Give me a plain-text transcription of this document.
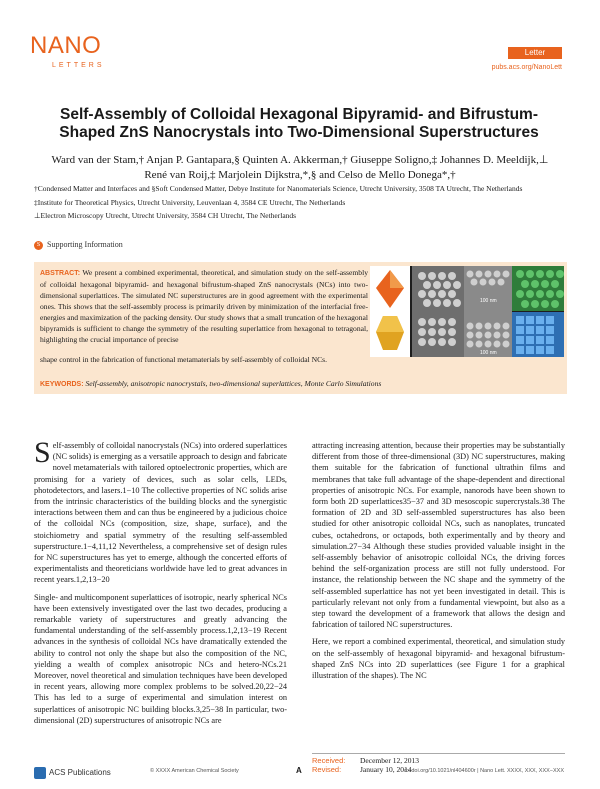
NANO
LETTERS
Letter
pubs.acs.org/NanoLett
Self-Assembly of Colloidal Hexagonal Bipyramid- and Bifrustum-Shaped ZnS Nanocrystals into Two-Dimensional Superstructures
Ward van der Stam,† Anjan P. Gantapara,§ Quinten A. Akkerman,† Giuseppe Soligno,‡ Johannes D. Meeldijk,⊥ René van Roij,‡ Marjolein Dijkstra,*,§ and Celso de Mello Donega*,†
†Condensed Matter and Interfaces and §Soft Condensed Matter, Debye Institute for Nanomaterials Science, Utrecht University, 3508 TA Utrecht, The Netherlands
‡Institute for Theoretical Physics, Utrecht University, Leuvenlaan 4, 3584 CE Utrecht, The Netherlands
⊥Electron Microscopy Utrecht, Utrecht University, 3584 CH Utrecht, The Netherlands
S Supporting Information
ABSTRACT: We present a combined experimental, theoretical, and simulation study on the self-assembly of colloidal hexagonal bipyramid- and hexagonal bifrustum-shaped ZnS nanocrystals (NCs) into two-dimensional superlattices. The simulated NC superstructures are in good agreement with the experimental ones. This shows that the self-assembly process is primarily driven by minimization of the interfacial free-energies and maximization of the packing density. Our study shows that a small truncation of the hexagonal bipyramids is sufficient to change the symmetry of the resulting superlattice from hexagonal to tetragonal, highlighting the crucial importance of precise
shape control in the fabrication of functional metamaterials by self-assembly of colloidal NCs.
KEYWORDS: Self-assembly, anisotropic nanocrystals, two-dimensional superlattices, Monte Carlo Simulations
100 nm
100 nm

Self-assembly of colloidal nanocrystals (NCs) into ordered superlattices (NC solids) is emerging as a versatile approach to design and fabricate novel metamaterials with tailored optoelectronic properties, which are promising for a variety of devices, such as solar cells, LEDs, photodetectors, and lasers.1−10 The collective properties of NC solids arise from the intrinsic characteristics of the building blocks and the synergistic interactions between them and can thus be engineered by a judicious choice of the colloidal NCs (composition, size, shape, surface), and the stoichiometry and spatial symmetry of the resulting self-assembled superstructure.1−4,11,12 Nevertheless, a comprehensive set of design rules for NC superstructures has yet to emerge, although the concerted efforts of experimentalists and theoreticians worldwide have led to great advances in recent years.1,2,13−20

Single- and multicomponent superlattices of isotropic, nearly spherical NCs have been extensively investigated over the last two decades, producing a remarkable variety of superstructures and greatly advancing the fundamental understanding of the self-assembly process.1,2,13−19 Recent advances in the synthesis of colloidal NCs have dramatically extended the ability to control not only the shape but also the composition of the NC, yielding a wealth of complex anisotropic NCs and hetero-NCs.21 Moreover, novel theoretical and simulation techniques have been developed in recent years, allowing more complex problems to be solved.20,22−24 This has led to a surge of experimental and simulation interest on superlattices of anisotropic NC building blocks.3,25−38 In particular, two-dimensional (2D) superstructures of anisotropic NCs are

attracting increasing attention, because their properties may be substantially different from those of three-dimensional (3D) NC superstructures, making them suitable for the fabrication of functional ultrathin films and membranes that take full advantage of the shape-dependent and directional properties of anisotropic NCs. For example, nanorods have been shown to form both 2D superlattices35−37 and 3D mesoscopic supercrystals.38 The formation of 2D and 3D self-assembled superstructures has also been studied for other anisotropic colloidal NCs, such as nanoplates, truncated cubes, octahedrons, or octapods, both experimentally and by theory and simulation.27−34 Although these studies provided valuable insight in the self-assembly behavior of anisotropic colloidal NCs, the driving forces behind the self-organization process are still not fully understood. For instance, the relationship between the NC shape and the symmetry of the self-assembled superlattice has not yet been investigated in detail. This is particularly relevant not only from a fundamental viewpoint, but also as a step toward the development of a framework that allows the design and fabrication of tailored NC superstructures.

Here, we report a combined experimental, theoretical, and simulation study on the self-assembly of hexagonal bipyramid- and hexagonal bifrustum-shaped ZnS NCs into 2D superlattices (see Figure 1 for a graphical illustration of the shapes). The NC

Received: December 12, 2013
Revised:	January 10, 2014
ACS Publications	© XXXX American Chemical Society	A	dx.doi.org/10.1021/nl404600r | Nano Lett. XXXX, XXX, XXX−XXX
